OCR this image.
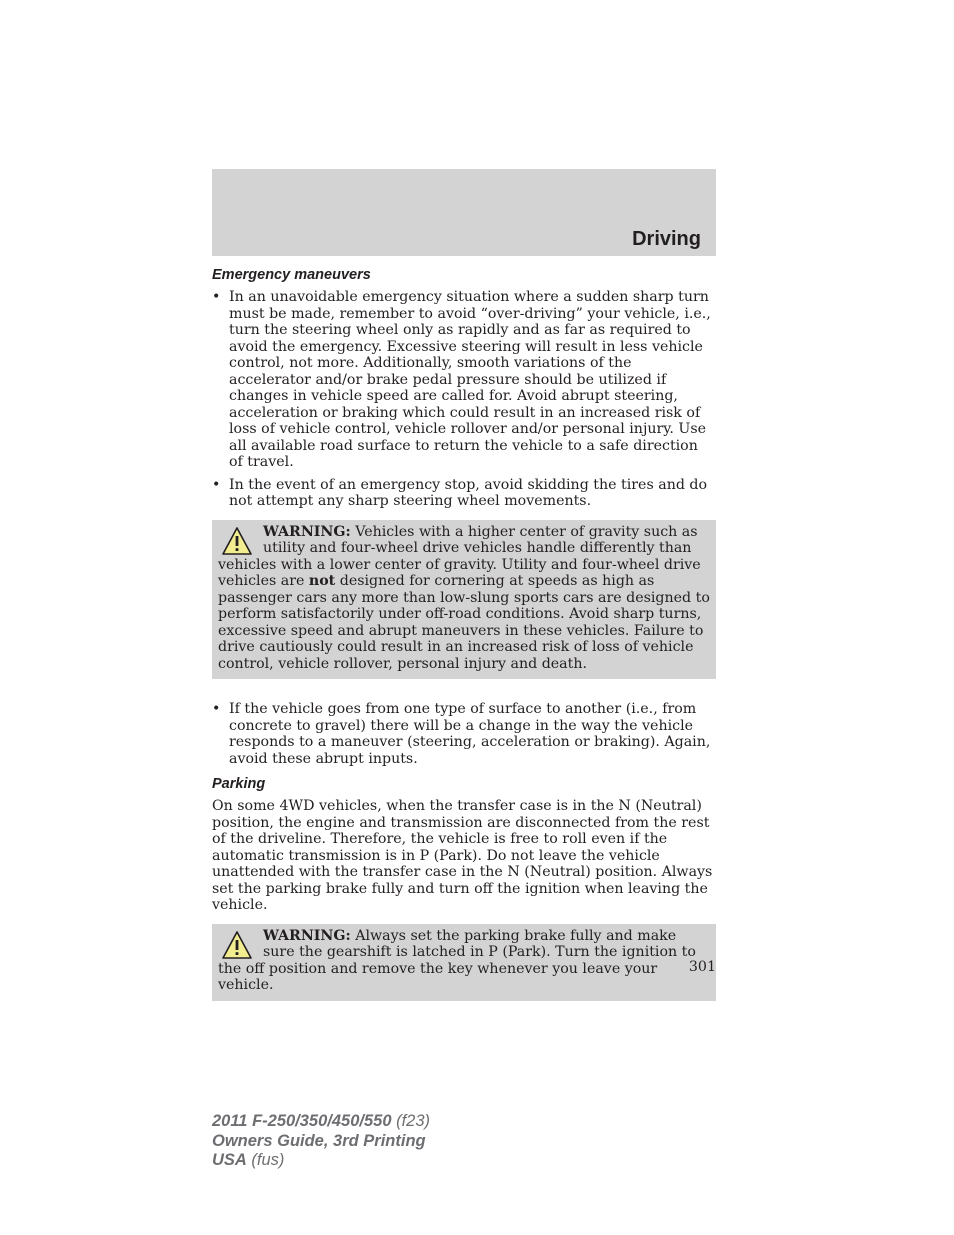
Driving
Emergency maneuvers
• In an unavoidable emergency situation where a sudden sharp turn must be made, remember to avoid “over-driving” your vehicle, i.e., turn the steering wheel only as rapidly and as far as required to avoid the emergency. Excessive steering will result in less vehicle control, not more. Additionally, smooth variations of the accelerator and/or brake pedal pressure should be utilized if changes in vehicle speed are called for. Avoid abrupt steering, acceleration or braking which could result in an increased risk of loss of vehicle control, vehicle rollover and/or personal injury. Use all available road surface to return the vehicle to a safe direction of travel.
• In the event of an emergency stop, avoid skidding the tires and do not attempt any sharp steering wheel movements.
WARNING: Vehicles with a higher center of gravity such as utility and four-wheel drive vehicles handle differently than vehicles with a lower center of gravity. Utility and four-wheel drive vehicles are not designed for cornering at speeds as high as passenger cars any more than low-slung sports cars are designed to perform satisfactorily under off-road conditions. Avoid sharp turns, excessive speed and abrupt maneuvers in these vehicles. Failure to drive cautiously could result in an increased risk of loss of vehicle control, vehicle rollover, personal injury and death.
• If the vehicle goes from one type of surface to another (i.e., from concrete to gravel) there will be a change in the way the vehicle responds to a maneuver (steering, acceleration or braking). Again, avoid these abrupt inputs.
Parking
On some 4WD vehicles, when the transfer case is in the N (Neutral) position, the engine and transmission are disconnected from the rest of the driveline. Therefore, the vehicle is free to roll even if the automatic transmission is in P (Park). Do not leave the vehicle unattended with the transfer case in the N (Neutral) position. Always set the parking brake fully and turn off the ignition when leaving the vehicle.
WARNING: Always set the parking brake fully and make sure the gearshift is latched in P (Park). Turn the ignition to the off position and remove the key whenever you leave your vehicle.
301
2011 F-250/350/450/550 (f23)
Owners Guide, 3rd Printing
USA (fus)
